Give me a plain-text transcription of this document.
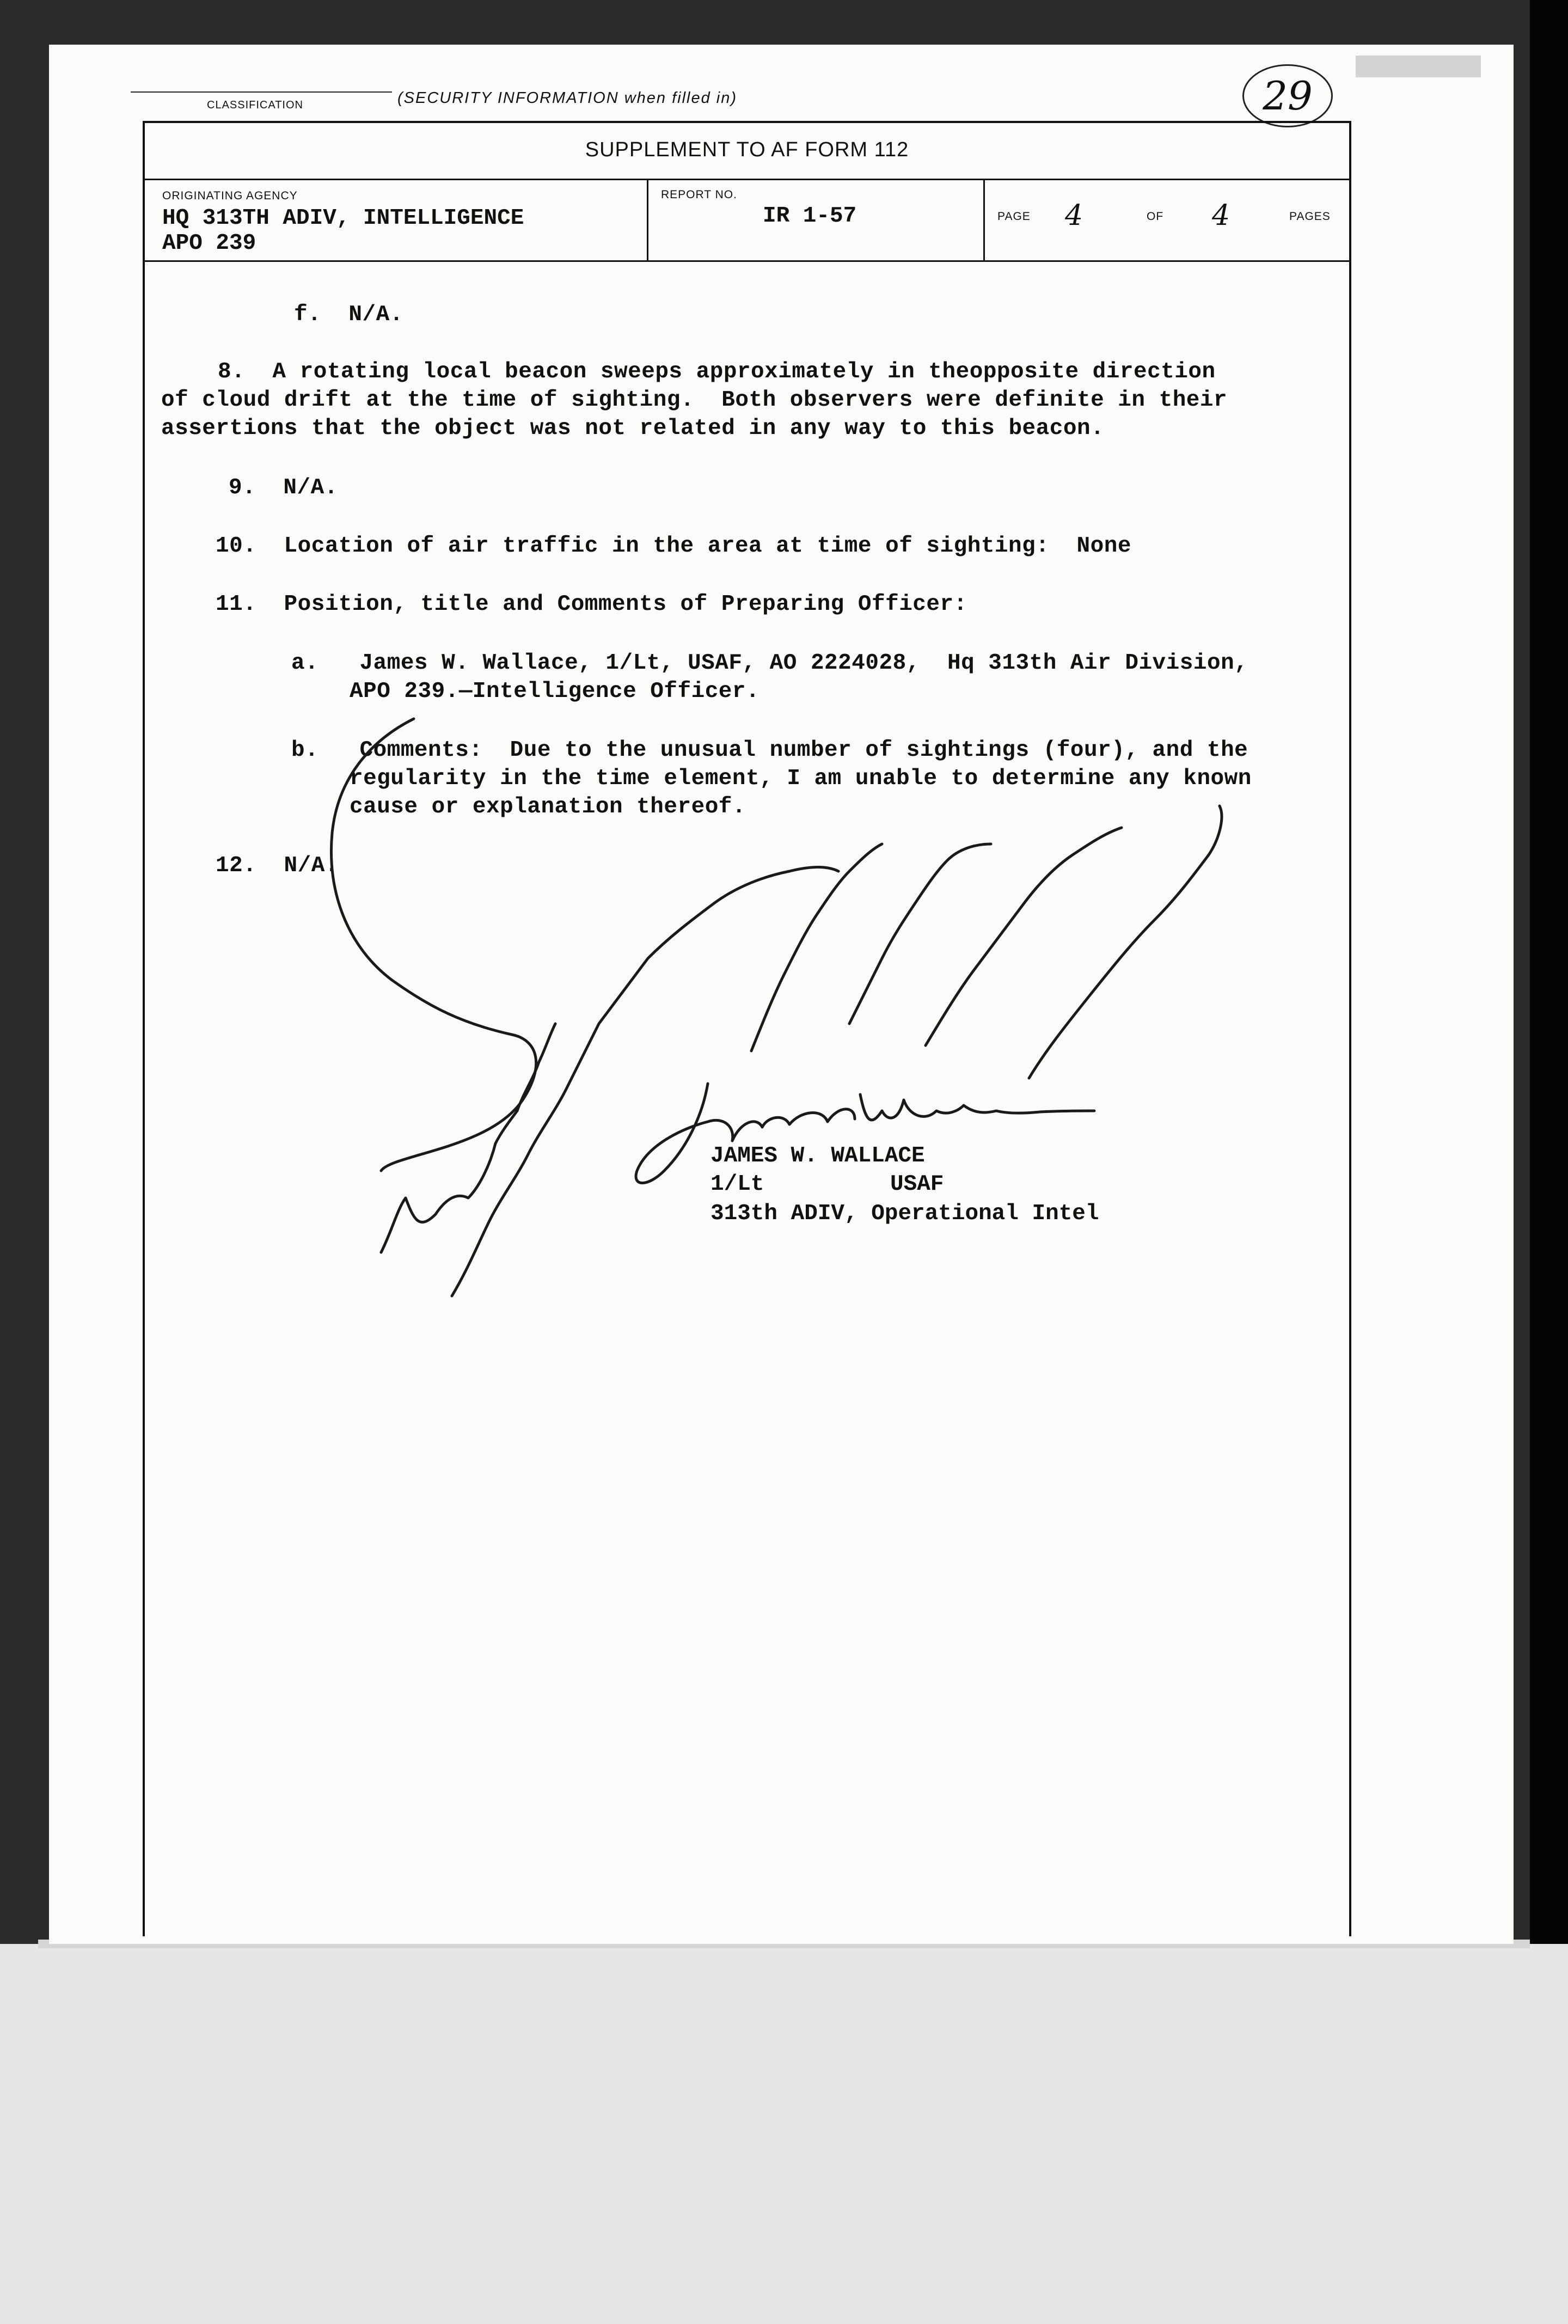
CLASSIFICATION	(SECURITY INFORMATION when filled in)	29
SUPPLEMENT TO AF FORM 112
ORIGINATING AGENCY
HQ 313TH ADIV, INTELLIGENCE
APO 239
REPORT NO.
IR 1-57	PAGE 4	OF 4	PAGES
f.  N/A.
8.  A rotating local beacon sweeps approximately in theopposite direction
of cloud drift at the time of sighting.  Both observers were definite in their
assertions that the object was not related in any way to this beacon.
9.  N/A.
10.  Location of air traffic in the area at time of sighting:  None
11.  Position, title and Comments of Preparing Officer:
a.   James W. Wallace, 1/Lt, USAF, AO 2224028,  Hq 313th Air Division,
APO 239.—Intelligence Officer.
b.   Comments:  Due to the unusual number of sightings (four), and the
regularity in the time element, I am unable to determine any known
cause or explanation thereof.
12.  N/A.
JAMES W. WALLACE
1/Lt	USAF
313th ADIV, Operational Intel
